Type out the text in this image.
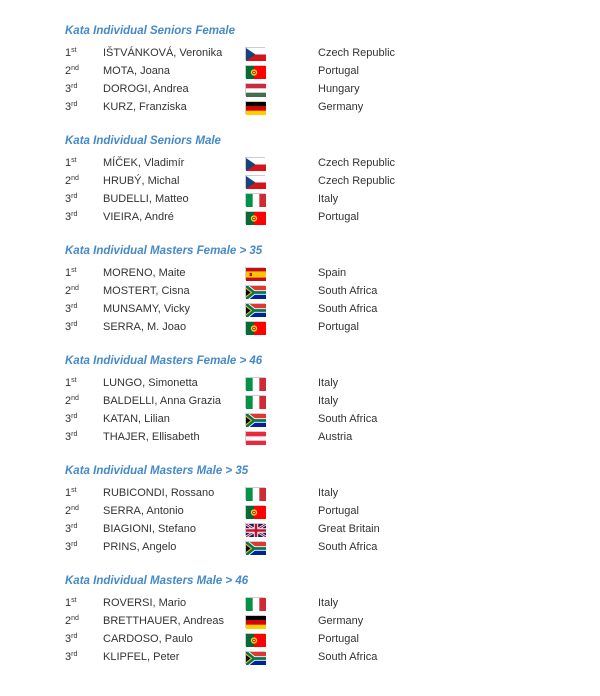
Kata Individual Seniors Female
1st	IŠTVÁNKOVÁ, Veronika	Czech Republic
2nd	MOTA, Joana	Portugal
3rd	DOROGI, Andrea	Hungary
3rd	KURZ, Franziska	Germany
Kata Individual Seniors Male
1st	MÍČEK, Vladimír	Czech Republic
2nd	HRUBÝ, Michal	Czech Republic
3rd	BUDELLI, Matteo	Italy
3rd	VIEIRA, André	Portugal
Kata Individual Masters Female > 35
1st	MORENO, Maite	Spain
2nd	MOSTERT, Cisna	South Africa
3rd	MUNSAMY, Vicky	South Africa
3rd	SERRA, M. Joao	Portugal
Kata Individual Masters Female > 46
1st	LUNGO, Simonetta	Italy
2nd	BALDELLI, Anna Grazia	Italy
3rd	KATAN, Lilian	South Africa
3rd	THAJER, Ellisabeth	Austria
Kata Individual Masters Male > 35
1st	RUBICONDI, Rossano	Italy
2nd	SERRA, Antonio	Portugal
3rd	BIAGIONI, Stefano	Great Britain
3rd	PRINS, Angelo	South Africa
Kata Individual Masters Male > 46
1st	ROVERSI, Mario	Italy
2nd	BRETTHAUER, Andreas	Germany
3rd	CARDOSO, Paulo	Portugal
3rd	KLIPFEL, Peter	South Africa
